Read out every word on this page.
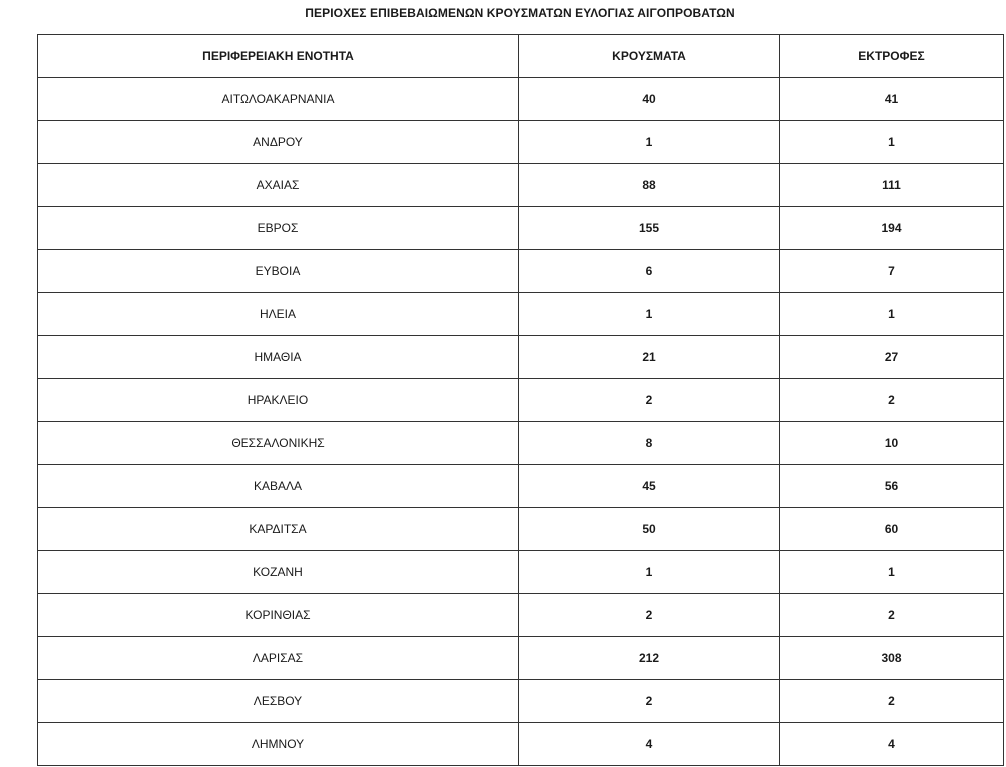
ΠΕΡΙΟΧΕΣ ΕΠΙΒΕΒΑΙΩΜΕΝΩΝ ΚΡΟΥΣΜΑΤΩΝ ΕΥΛΟΓΙΑΣ ΑΙΓΟΠΡΟΒΑΤΩΝ
ΠΕΡΙΦΕΡΕΙΑΚΗ ΕΝΟΤΗΤΑ	ΚΡΟΥΣΜΑΤΑ	ΕΚΤΡΟΦΕΣ
ΑΙΤΩΛΟΑΚΑΡΝΑΝΙΑ	40	41
ΑΝΔΡΟΥ	1	1
ΑΧΑΙΑΣ	88	111
ΕΒΡΟΣ	155	194
ΕΥΒΟΙΑ	6	7
ΗΛΕΙΑ	1	1
ΗΜΑΘΙΑ	21	27
ΗΡΑΚΛΕΙΟ	2	2
ΘΕΣΣΑΛΟΝΙΚΗΣ	8	10
ΚΑΒΑΛΑ	45	56
ΚΑΡΔΙΤΣΑ	50	60
ΚΟΖΑΝΗ	1	1
ΚΟΡΙΝΘΙΑΣ	2	2
ΛΑΡΙΣΑΣ	212	308
ΛΕΣΒΟΥ	2	2
ΛΗΜΝΟΥ	4	4
